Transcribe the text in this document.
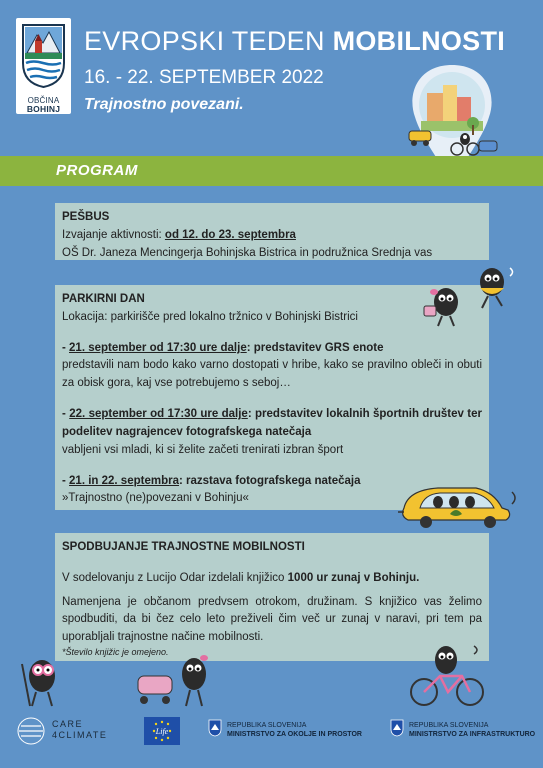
OBČINA
BOHINJ
EVROPSKI TEDEN MOBILNOSTI
16. - 22. SEPTEMBER 2022
Trajnostno povezani.
PROGRAM
PEŠBUS
Izvajanje aktivnosti: od 12. do 23. septembra
OŠ Dr. Janeza Mencingerja Bohinjska Bistrica in podružnica Srednja vas
PARKIRNI DAN
Lokacija: parkirišče pred lokalno tržnico v Bohinjski Bistrici
- 21. september od 17:30 ure dalje: predstavitev GRS enote
predstavili nam bodo kako varno dostopati v hribe, kako se pravilno obleči in obuti za obisk gora, kaj vse potrebujemo s seboj…
- 22. september od 17:30 ure dalje: predstavitev lokalnih športnih društev ter podelitev nagrajencev fotografskega natečaja
vabljeni vsi mladi, ki si želite začeti trenirati izbran šport
- 21. in 22. septembra: razstava fotografskega natečaja
»Trajnostno (ne)povezani v Bohinju«
SPODBUJANJE TRAJNOSTNE MOBILNOSTI
V sodelovanju z Lucijo Odar izdelali knjižico 1000 ur zunaj v Bohinju.
Namenjena je občanom predvsem otrokom, družinam. S knjižico vas želimo spodbuditi, da bi čez celo leto preživeli čim več ur zunaj v naravi, pri tem pa uporabljali trajnostne načine mobilnosti.
*Število knjižic je omejeno.
CARE
4CLIMATE	Life
REPUBLIKA SLOVENIJA
MINISTRSTVO ZA OKOLJE IN PROSTOR
REPUBLIKA SLOVENIJA
MINISTRSTVO ZA INFRASTRUKTURO
